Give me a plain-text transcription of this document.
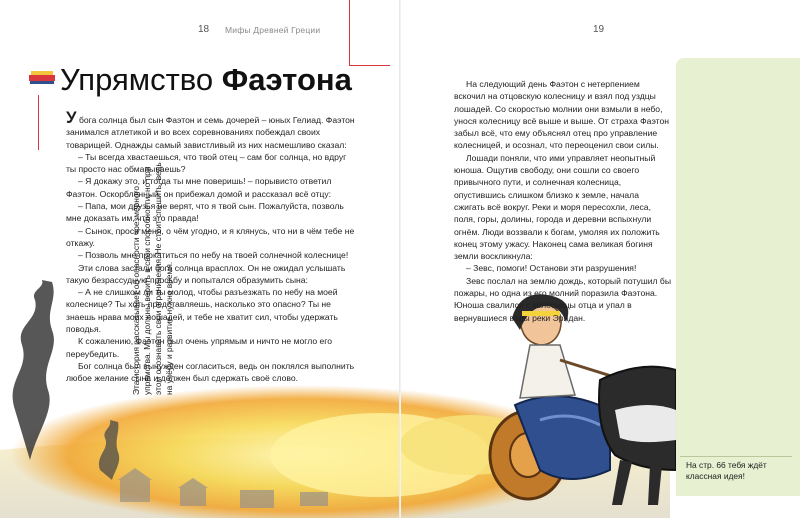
18 Мифы Древней Греции
Упрямство Фаэтона

У бога солнца был сын Фаэтон и семь дочерей – юных Гелиад. Фаэтон занимался атлетикой и во всех соревнованиях побеждал своих товарищей. Однажды самый завистливый из них насмешливо сказал:

– Ты всегда хвастаешься, что твой отец – сам бог солнца, но вдруг ты просто нас обманываешь?

– Я докажу это, и тогда ты мне поверишь! – порывисто ответил Фаэтон. Оскорблённый, он прибежал домой и рассказал всё отцу:

– Папа, мои друзья не верят, что я твой сын. Пожалуйста, позволь мне доказать им, что это правда!

– Сынок, проси меня, о чём угодно, и я клянусь, что ни в чём тебе не откажу.

– Позволь мне прокатиться по небу на твоей солнечной колеснице!

Эти слова застали бога солнца врасплох. Он не ожидал услышать такую безрассудную просьбу и попытался образумить сына:

– А не слишком ли ты молод, чтобы разъезжать по небу на моей колеснице? Ты хоть представляешь, насколько это опасно? Ты не знаешь нрава моих лошадей, и тебе не хватит сил, чтобы удержать поводья.

К сожалению, Фаэтон был очень упрямым и ничто не могло его переубедить.

Бог солнца был вынужден согласиться, ведь он поклялся выполнить любое желание сына и должен был сдержать своё слово.

19

На следующий день Фаэтон с нетерпением вскочил на отцовскую колесницу и взял под уздцы лошадей. Со скоростью молнии они взмыли в небо, унося колесницу всё выше и выше. От страха Фаэтон забыл всё, что ему объяснял отец про управление колесницей, и осознал, что переоценил свои силы.

Лошади поняли, что ими управляет неопытный юноша. Ощутив свободу, они сошли со своего привычного пути, и солнечная колесница, опустившись слишком близко к земле, начала сжигать всё вокруг. Реки и моря пересохли, леса, поля, горы, долины, города и деревни вспыхнули огнём. Люди воззвали к богам, умоляя их положить конец этому ужасу. Наконец сама великая богиня земли воскликнула:

– Зевс, помоги! Останови эти разрушения!

Зевс послал на землю дождь, который потушил бы пожары, но одна из его молний поразила Фаэтона. Юноша свалился с колесницы отца и упал в вернувшиеся воды реки Эридан.

Эта история рассказывает об опасности чрезмерного упрямства. Мы должны верить в свои способности, но при этом осознавать свои ограничения. Не стоит спешить, ведь на учёбу и развитие нужно время.
На стр. 66 тебя ждёт классная идея!
